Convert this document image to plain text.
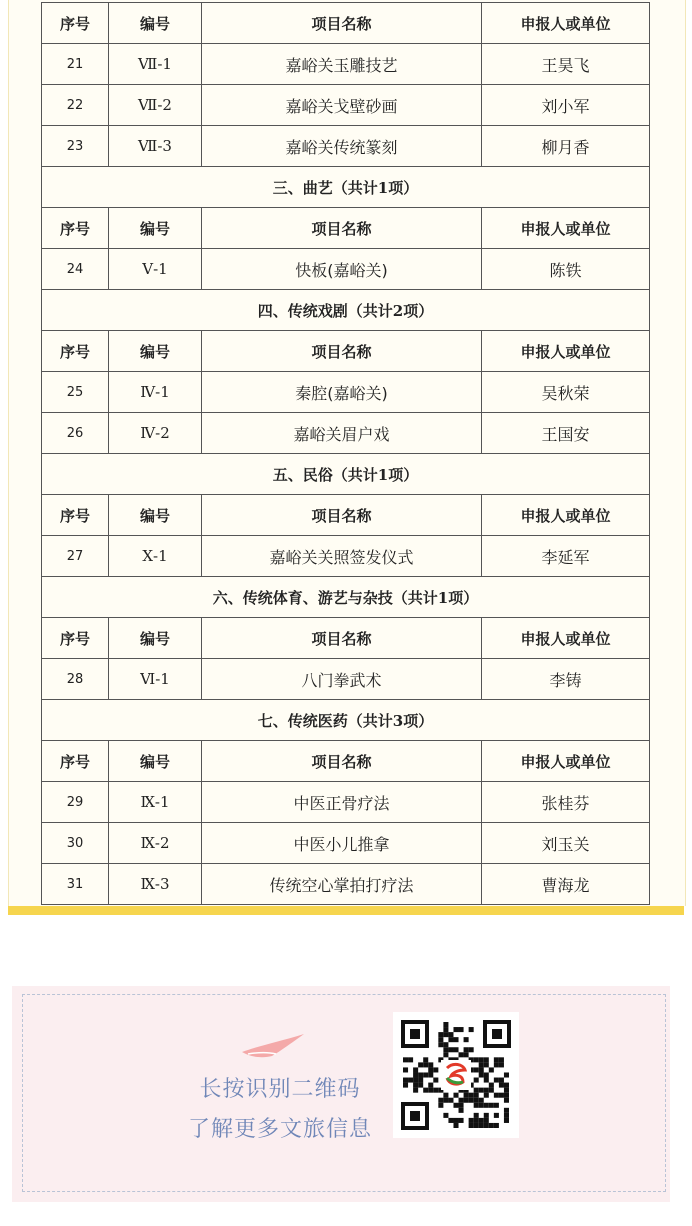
序号	编号	项目名称	申报人或单位
21	Ⅶ-1	嘉峪关玉雕技艺	王昊飞
22	Ⅶ-2	嘉峪关戈壁砂画	刘小军
23	Ⅶ-3	嘉峪关传统篆刻	柳月香
三、曲艺（共计1项）			
序号	编号	项目名称	申报人或单位
24	Ⅴ-1	快板(嘉峪关)	陈铁
四、传统戏剧（共计2项）			
序号	编号	项目名称	申报人或单位
25	Ⅳ-1	秦腔(嘉峪关)	吴秋荣
26	Ⅳ-2	嘉峪关眉户戏	王国安
五、民俗（共计1项）			
序号	编号	项目名称	申报人或单位
27	Ⅹ-1	嘉峪关关照签发仪式	李延军
六、传统体育、游艺与杂技（共计1项）			
序号	编号	项目名称	申报人或单位
28	Ⅵ-1	八门拳武术	李铸
七、传统医药（共计3项）			
序号	编号	项目名称	申报人或单位
29	Ⅸ-1	中医正骨疗法	张桂芬
30	Ⅸ-2	中医小儿推拿	刘玉关
31	Ⅸ-3	传统空心掌拍打疗法	曹海龙
长按识别二维码
了解更多文旅信息
